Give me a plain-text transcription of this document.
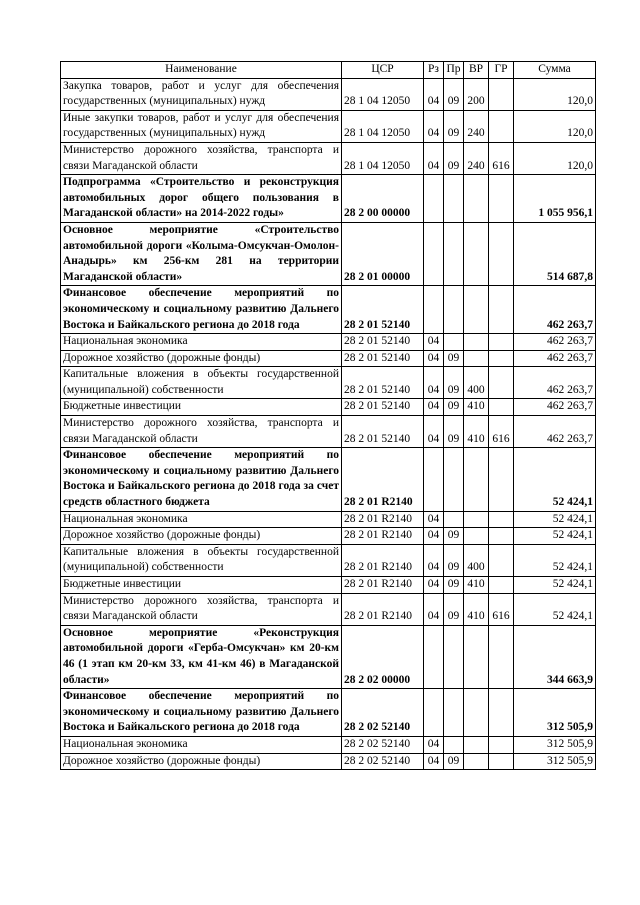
Наименование	ЦСР	Рз	Пр	ВР	ГР	Сумма
Закупка товаров, работ и услуг для обеспечения государственных (муниципальных) нужд	28 1 04 12050	04	09	200		120,0
Иные закупки товаров, работ и услуг для обеспечения государственных (муниципальных) нужд	28 1 04 12050	04	09	240		120,0
Министерство дорожного хозяйства, транспорта и связи Магаданской области	28 1 04 12050	04	09	240	616	120,0
Подпрограмма «Строительство и реконструкция автомобильных дорог общего пользования в Магаданской области» на 2014-2022 годы»	28 2 00 00000					1 055 956,1
Основное мероприятие «Строительство автомобильной дороги «Колыма-Омсукчан-Омолон-Анадырь» км 256-км 281 на территории Магаданской области»	28 2 01 00000					514 687,8
Финансовое обеспечение мероприятий по экономическому и социальному развитию Дальнего Востока и Байкальского региона до 2018 года	28 2 01 52140					462 263,7
Национальная экономика	28 2 01 52140	04				462 263,7
Дорожное хозяйство (дорожные фонды)	28 2 01 52140	04	09			462 263,7
Капитальные вложения в объекты государственной (муниципальной) собственности	28 2 01 52140	04	09	400		462 263,7
Бюджетные инвестиции	28 2 01 52140	04	09	410		462 263,7
Министерство дорожного хозяйства, транспорта и связи Магаданской области	28 2 01 52140	04	09	410	616	462 263,7
Финансовое обеспечение мероприятий по экономическому и социальному развитию Дальнего Востока и Байкальского региона до 2018 года за счет средств областного бюджета	28 2 01 R2140					52 424,1
Национальная экономика	28 2 01 R2140	04				52 424,1
Дорожное хозяйство (дорожные фонды)	28 2 01 R2140	04	09			52 424,1
Капитальные вложения в объекты государственной (муниципальной) собственности	28 2 01 R2140	04	09	400		52 424,1
Бюджетные инвестиции	28 2 01 R2140	04	09	410		52 424,1
Министерство дорожного хозяйства, транспорта и связи Магаданской области	28 2 01 R2140	04	09	410	616	52 424,1
Основное мероприятие «Реконструкция автомобильной дороги «Герба-Омсукчан» км 20-км 46 (1 этап км 20-км 33, км 41-км 46) в Магаданской области»	28 2 02 00000					344 663,9
Финансовое обеспечение мероприятий по экономическому и социальному развитию Дальнего Востока и Байкальского региона до 2018 года	28 2 02 52140					312 505,9
Национальная экономика	28 2 02 52140	04				312 505,9
Дорожное хозяйство (дорожные фонды)	28 2 02 52140	04	09			312 505,9
